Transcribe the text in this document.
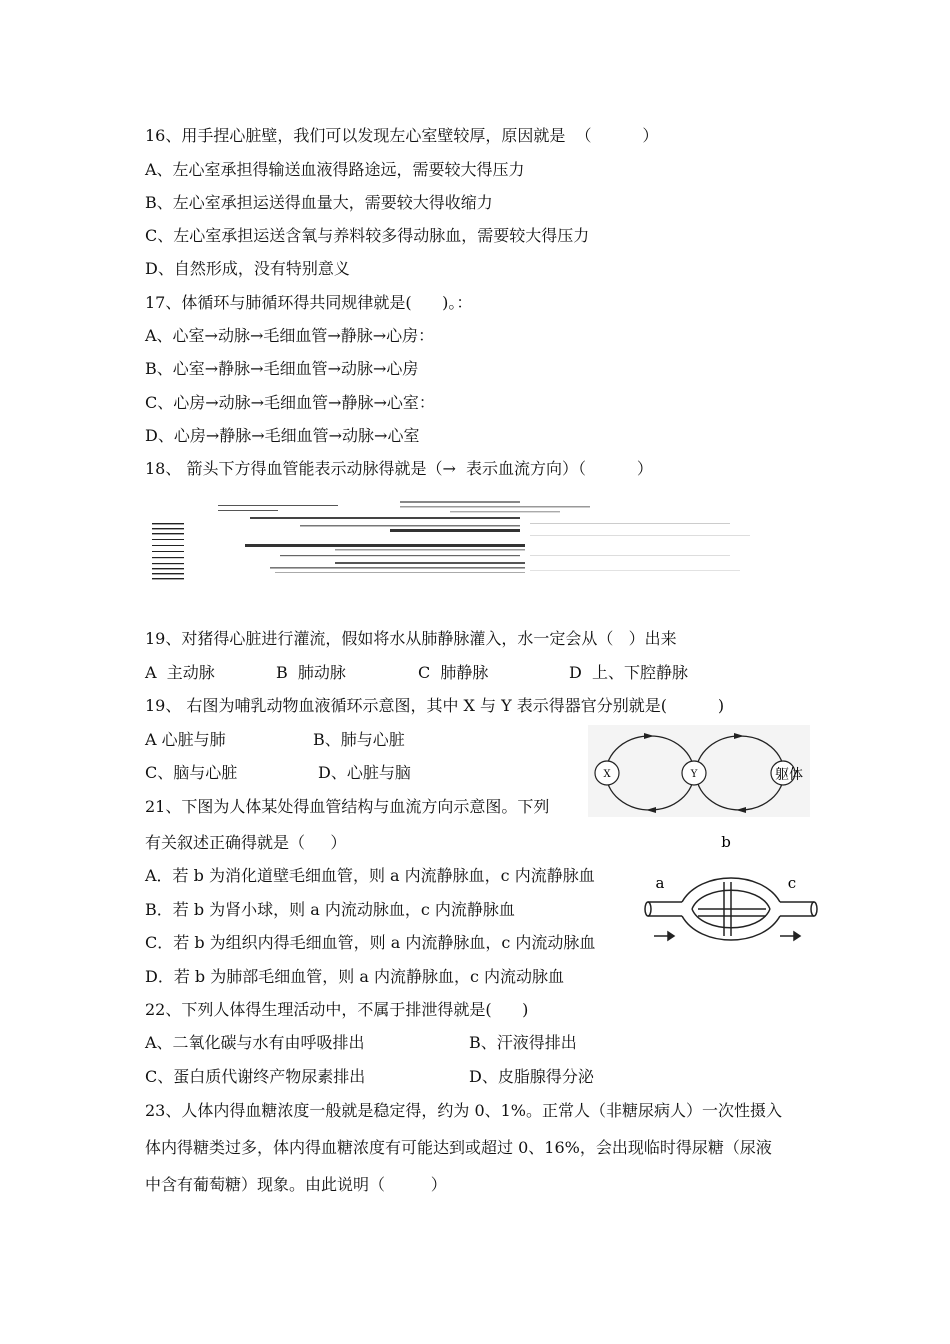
16、用手捏心脏壁，我们可以发现左心室壁较厚，原因就是  （          ）
A、左心室承担得输送血液得路途远，需要较大得压力
B、左心室承担运送得血量大，需要较大得收缩力
C、左心室承担运送含氧与养料较多得动脉血，需要较大得压力
D、自然形成，没有特别意义
17、体循环与肺循环得共同规律就是(      )。：
A、心室→动脉→毛细血管→静脉→心房：
B、心室→静脉→毛细血管→动脉→心房
C、心房→动脉→毛细血管→静脉→心室：
D、心房→静脉→毛细血管→动脉→心室
18、 箭头下方得血管能表示动脉得就是（→  表示血流方向）（          ）
19、对猪得心脏进行灌流，假如将水从肺静脉灌入，水一定会从（   ）出来
A  主动脉	B  肺动脉	C  肺静脉	D  上、下腔静脉
19、 右图为哺乳动物血液循环示意图，其中 X 与 Y 表示得器官分别就是(          )
A 心脏与肺	B、肺与心脏
C、脑与心脏	D、心脏与脑	X	Y	躯体
21、下图为人体某处得血管结构与血流方向示意图。下列
有关叙述正确得就是（     ）
A．若 b 为消化道壁毛细血管，则 a 内流静脉血，c 内流静脉血
B．若 b 为肾小球，则 a 内流动脉血，c 内流静脉血
C．若 b 为组织内得毛细血管，则 a 内流静脉血，c 内流动脉血
D．若 b 为肺部毛细血管，则 a 内流静脉血，c 内流动脉血
b
a	c
22、下列人体得生理活动中，不属于排泄得就是(      )
A、二氧化碳与水有由呼吸排出	B、汗液得排出
C、蛋白质代谢终产物尿素排出	D、皮脂腺得分泌
23、人体内得血糖浓度一般就是稳定得，约为 0、1%。正常人（非糖尿病人）一次性摄入
体内得糖类过多，体内得血糖浓度有可能达到或超过 0、16%，会出现临时得尿糖（尿液
中含有葡萄糖）现象。由此说明（         ）
